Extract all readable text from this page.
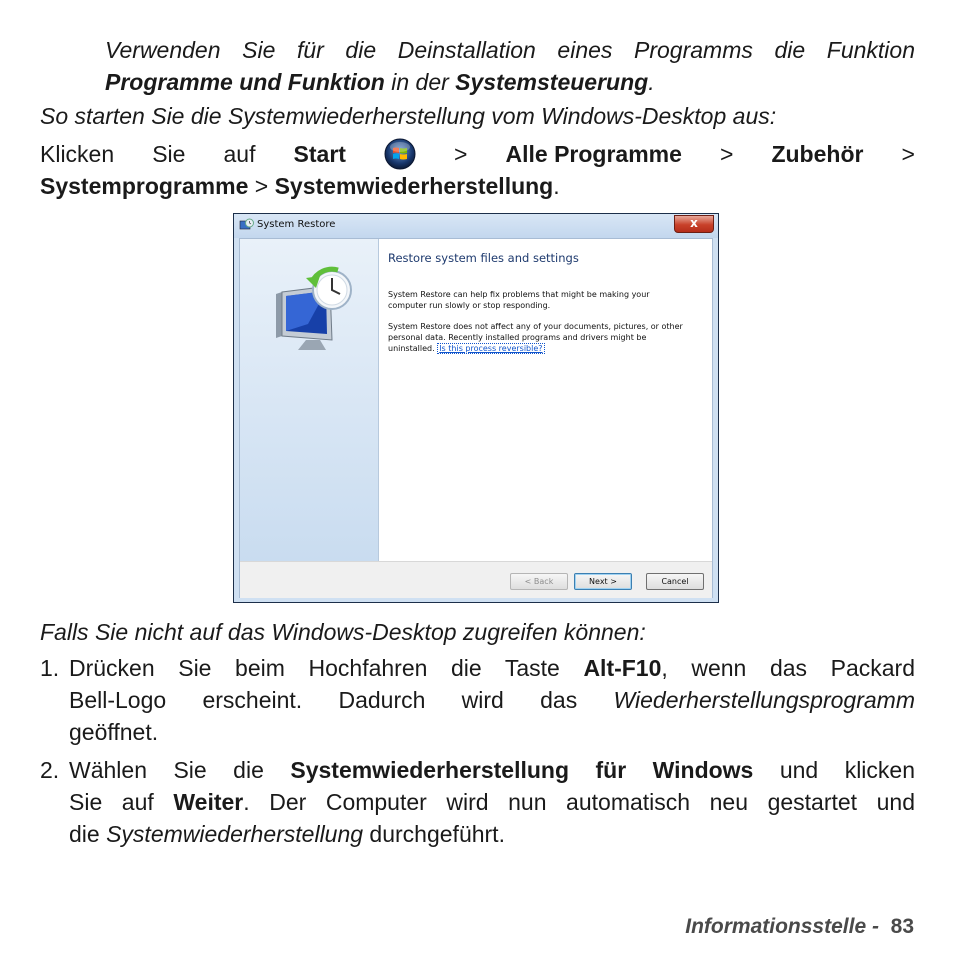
Verwenden Sie für die Deinstallation eines Programms die Funktion
Programme und Funktion in der Systemsteuerung.

So starten Sie die Systemwiederherstellung vom Windows-Desktop aus:

Klicken Sie auf Start	> Alle Programme > Zubehör >
Systemprogramme > Systemwiederherstellung.
System Restore	x

Restore system files and settings

System Restore can help fix problems that might be making your computer run slowly or stop responding.

System Restore does not affect any of your documents, pictures, or other personal data. Recently installed programs and drivers might be uninstalled. Is this process reversible?

< Back	Next >	Cancel

Falls Sie nicht auf das Windows-Desktop zugreifen können:

1. Drücken Sie beim Hochfahren die Taste Alt-F10, wenn das Packard
Bell-Logo erscheint. Dadurch wird das Wiederherstellungsprogramm
geöffnet.
2. Wählen Sie die Systemwiederherstellung für Windows und klicken
Sie auf Weiter. Der Computer wird nun automatisch neu gestartet und
die Systemwiederherstellung durchgeführt.
Informationsstelle - 83
